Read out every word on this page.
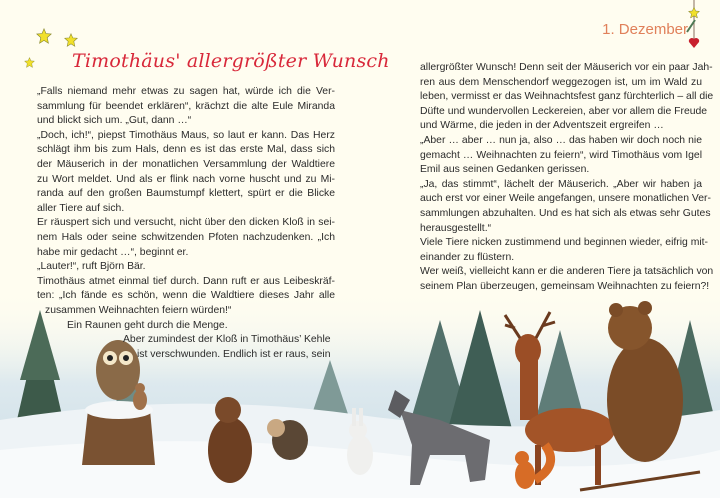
Timothäus' allergrößter Wunsch
„Falls niemand mehr etwas zu sagen hat, würde ich die Ver-
sammlung für beendet erklären“, krächzt die alte Eule Miranda
und blickt sich um. „Gut, dann …“
„Doch, ich!“, piepst Timothäus Maus, so laut er kann. Das Herz
schlägt ihm bis zum Hals, denn es ist das erste Mal, dass sich
der Mäuserich in der monatlichen Versammlung der Waldtiere
zu Wort meldet. Und als er flink nach vorne huscht und zu Mi-
randa auf den großen Baumstumpf klettert, spürt er die Blicke
aller Tiere auf sich.
Er räuspert sich und versucht, nicht über den dicken Kloß in sei-
nem Hals oder seine schwitzenden Pfoten nachzudenken. „Ich
habe mir gedacht …“, beginnt er.
„Lauter!“, ruft Björn Bär.
Timothäus atmet einmal tief durch. Dann ruft er aus Leibeskräf-
ten: „Ich fände es schön, wenn die Waldtiere dieses Jahr alle
zusammen Weihnachten feiern würden!“
Ein Raunen geht durch die Menge.
Aber zumindest der Kloß in Timothäus’ Kehle
ist verschwunden. Endlich ist er raus, sein
1. Dezember
allergrößter Wunsch! Denn seit der Mäuserich vor ein paar Jah-
ren aus dem Menschendorf weggezogen ist, um im Wald zu
leben, vermisst er das Weihnachtsfest ganz fürchterlich – all die
Düfte und wundervollen Leckereien, aber vor allem die Freude
und Wärme, die jeden in der Adventszeit ergreifen …
„Aber … aber … nun ja, also … das haben wir doch noch nie
gemacht … Weihnachten zu feiern“, wird Timothäus vom Igel
Emil aus seinen Gedanken gerissen.
„Ja, das stimmt“, lächelt der Mäuserich. „Aber wir haben ja
auch erst vor einer Weile angefangen, unsere monatlichen Ver-
sammlungen abzuhalten. Und es hat sich als etwas sehr Gutes
herausgestellt.“
Viele Tiere nicken zustimmend und beginnen wieder, eifrig mit-
einander zu flüstern.
Wer weiß, vielleicht kann er die anderen Tiere ja tatsächlich von
seinem Plan überzeugen, gemeinsam Weihnachten zu feiern?!
